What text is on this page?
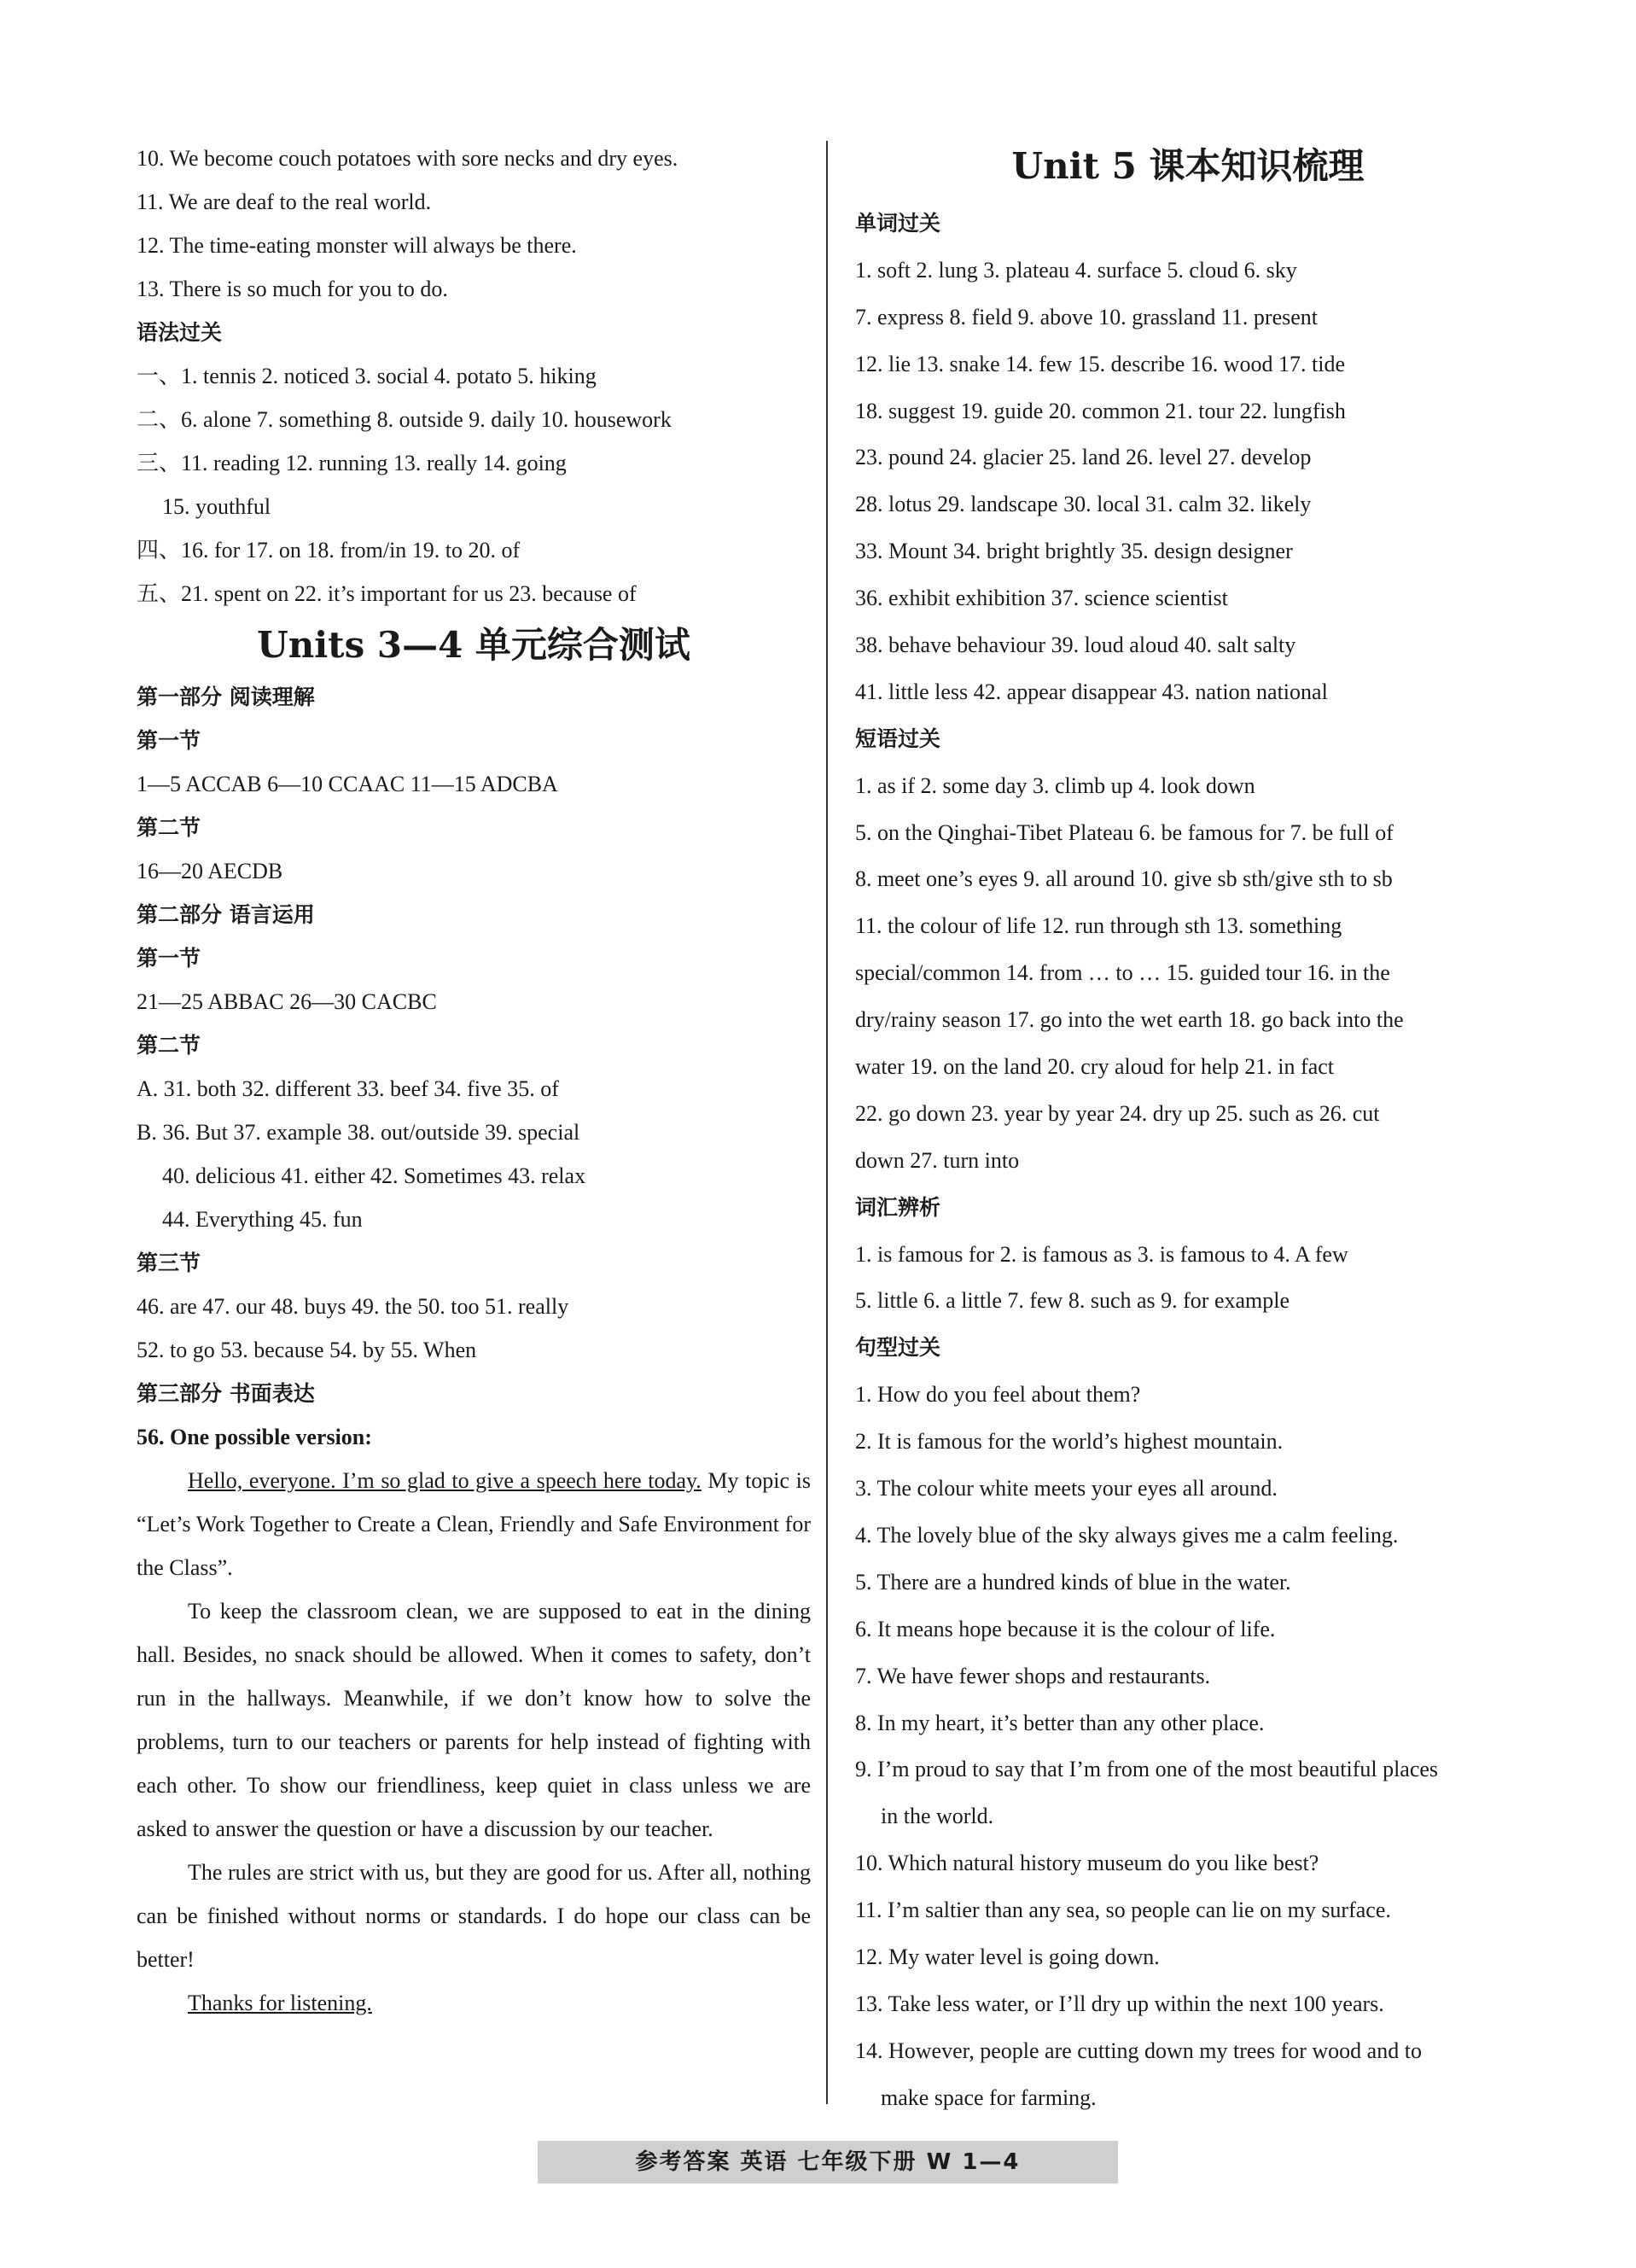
10. We become couch potatoes with sore necks and dry eyes.
11. We are deaf to the real world.
12. The time-eating monster will always be there.
13. There is so much for you to do.
语法过关
一、1. tennis 2. noticed 3. social 4. potato 5. hiking
二、6. alone 7. something 8. outside 9. daily 10. housework
三、11. reading 12. running 13. really 14. going
15. youthful
四、16. for 17. on 18. from/in 19. to 20. of
五、21. spent on 22. it’s important for us 23. because of
Units 3—4 单元综合测试
第一部分 阅读理解
第一节
1—5 ACCAB 6—10 CCAAC 11—15 ADCBA
第二节
16—20 AECDB
第二部分 语言运用
第一节
21—25 ABBAC 26—30 CACBC
第二节
A. 31. both 32. different 33. beef 34. five 35. of
B. 36. But 37. example 38. out/outside 39. special
40. delicious 41. either 42. Sometimes 43. relax
44. Everything 45. fun
第三节
46. are 47. our 48. buys 49. the 50. too 51. really
52. to go 53. because 54. by 55. When
第三部分 书面表达
56. One possible version:
Hello, everyone. I’m so glad to give a speech here today. My topic is “Let’s Work Together to Create a Clean, Friendly and Safe Environment for the Class”.
To keep the classroom clean, we are supposed to eat in the dining hall. Besides, no snack should be allowed. When it comes to safety, don’t run in the hallways. Meanwhile, if we don’t know how to solve the problems, turn to our teachers or parents for help instead of fighting with each other. To show our friendliness, keep quiet in class unless we are asked to answer the question or have a discussion by our teacher.
The rules are strict with us, but they are good for us. After all, nothing can be finished without norms or standards. I do hope our class can be better!
Thanks for listening.
Unit 5 课本知识梳理
单词过关
1. soft 2. lung 3. plateau 4. surface 5. cloud 6. sky
7. express 8. field 9. above 10. grassland 11. present
12. lie 13. snake 14. few 15. describe 16. wood 17. tide
18. suggest 19. guide 20. common 21. tour 22. lungfish
23. pound 24. glacier 25. land 26. level 27. develop
28. lotus 29. landscape 30. local 31. calm 32. likely
33. Mount 34. bright brightly 35. design designer
36. exhibit exhibition 37. science scientist
38. behave behaviour 39. loud aloud 40. salt salty
41. little less 42. appear disappear 43. nation national
短语过关
1. as if 2. some day 3. climb up 4. look down
5. on the Qinghai-Tibet Plateau 6. be famous for 7. be full of
8. meet one’s eyes 9. all around 10. give sb sth/give sth to sb
11. the colour of life 12. run through sth 13. something
special/common 14. from … to … 15. guided tour 16. in the
dry/rainy season 17. go into the wet earth 18. go back into the
water 19. on the land 20. cry aloud for help 21. in fact
22. go down 23. year by year 24. dry up 25. such as 26. cut
down 27. turn into
词汇辨析
1. is famous for 2. is famous as 3. is famous to 4. A few
5. little 6. a little 7. few 8. such as 9. for example
句型过关
1. How do you feel about them?
2. It is famous for the world’s highest mountain.
3. The colour white meets your eyes all around.
4. The lovely blue of the sky always gives me a calm feeling.
5. There are a hundred kinds of blue in the water.
6. It means hope because it is the colour of life.
7. We have fewer shops and restaurants.
8. In my heart, it’s better than any other place.
9. I’m proud to say that I’m from one of the most beautiful places
in the world.
10. Which natural history museum do you like best?
11. I’m saltier than any sea, so people can lie on my surface.
12. My water level is going down.
13. Take less water, or I’ll dry up within the next 100 years.
14. However, people are cutting down my trees for wood and to
make space for farming.
参考答案 英语 七年级下册 W 1—4
